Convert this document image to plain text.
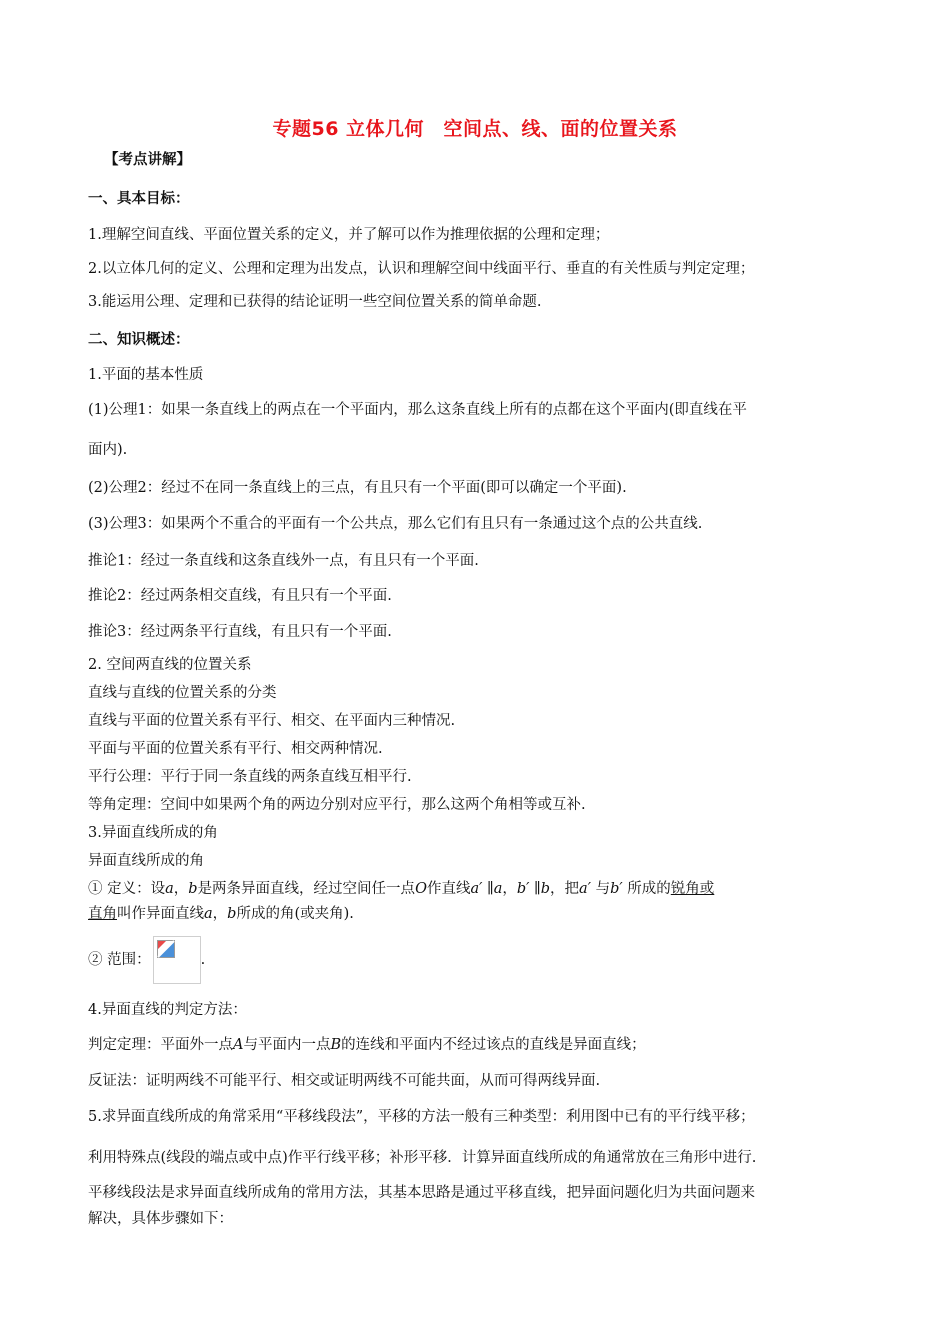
专题56 立体几何　空间点、线、面的位置关系
【考点讲解】
一、具本目标：
1.理解空间直线、平面位置关系的定义，并了解可以作为推理依据的公理和定理；
2.以立体几何的定义、公理和定理为出发点，认识和理解空间中线面平行、垂直的有关性质与判定定理；
3.能运用公理、定理和已获得的结论证明一些空间位置关系的简单命题.
二、知识概述：
1.平面的基本性质
(1)公理1：如果一条直线上的两点在一个平面内，那么这条直线上所有的点都在这个平面内(即直线在平
面内).
(2)公理2：经过不在同一条直线上的三点，有且只有一个平面(即可以确定一个平面).
(3)公理3：如果两个不重合的平面有一个公共点，那么它们有且只有一条通过这个点的公共直线.
推论1：经过一条直线和这条直线外一点，有且只有一个平面.
推论2：经过两条相交直线，有且只有一个平面.
推论3：经过两条平行直线，有且只有一个平面.
2. 空间两直线的位置关系
直线与直线的位置关系的分类
直线与平面的位置关系有平行、相交、在平面内三种情况.
平面与平面的位置关系有平行、相交两种情况.
平行公理：平行于同一条直线的两条直线互相平行.
等角定理：空间中如果两个角的两边分别对应平行，那么这两个角相等或互补.
3.异面直线所成的角
异面直线所成的角
① 定义：设a，b是两条异面直线，经过空间任一点O作直线a′ ∥a，b′ ∥b，把a′ 与b′ 所成的锐角或
直角叫作异面直线a，b所成的角(或夹角).
② 范围：	.
4.异面直线的判定方法：
判定定理：平面外一点A与平面内一点B的连线和平面内不经过该点的直线是异面直线；
反证法：证明两线不可能平行、相交或证明两线不可能共面，从而可得两线异面.
5.求异面直线所成的角常采用“平移线段法”，平移的方法一般有三种类型：利用图中已有的平行线平移；
利用特殊点(线段的端点或中点)作平行线平移；补形平移．计算异面直线所成的角通常放在三角形中进行.
平移线段法是求异面直线所成角的常用方法，其基本思路是通过平移直线，把异面问题化归为共面问题来
解决，具体步骤如下：
